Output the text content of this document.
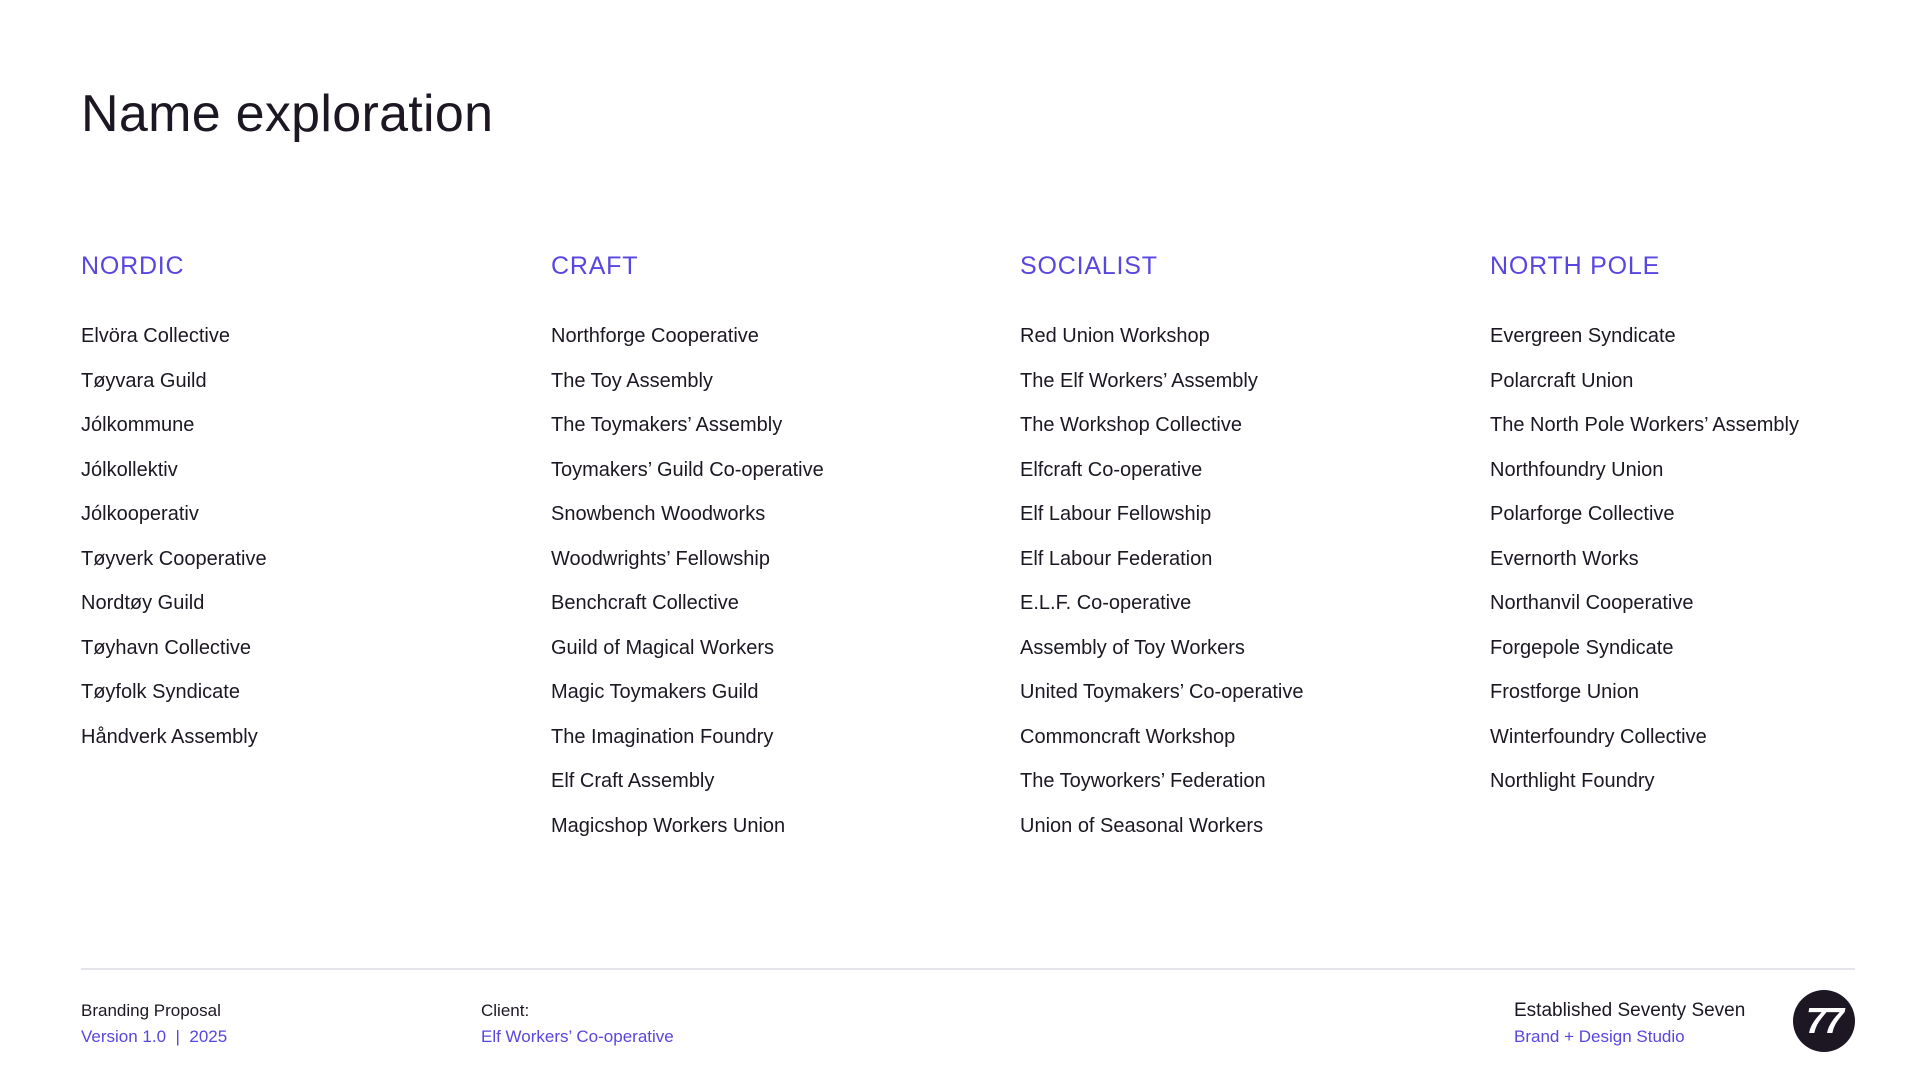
Name exploration
NORDIC
Elvöra Collective
Tøyvara Guild
Jólkommune
Jólkollektiv
Jólkooperativ
Tøyverk Cooperative
Nordtøy Guild
Tøyhavn Collective
Tøyfolk Syndicate
Håndverk Assembly
CRAFT
Northforge Cooperative
The Toy Assembly
The Toymakers’ Assembly
Toymakers’ Guild Co-operative
Snowbench Woodworks
Woodwrights’ Fellowship
Benchcraft Collective
Guild of Magical Workers
Magic Toymakers Guild
The Imagination Foundry
Elf Craft Assembly
Magicshop Workers Union
SOCIALIST
Red Union Workshop
The Elf Workers’ Assembly
The Workshop Collective
Elfcraft Co-operative
Elf Labour Fellowship
Elf Labour Federation
E.L.F. Co-operative
Assembly of Toy Workers
United Toymakers’ Co-operative
Commoncraft Workshop
The Toyworkers’ Federation
Union of Seasonal Workers
NORTH POLE
Evergreen Syndicate
Polarcraft Union
The North Pole Workers’ Assembly
Northfoundry Union
Polarforge Collective
Evernorth Works
Northanvil Cooperative
Forgepole Syndicate
Frostforge Union
Winterfoundry Collective
Northlight Foundry
Branding Proposal
Version 1.0  |  2025
Client:
Elf Workers’ Co-operative
Established Seventy Seven
Brand + Design Studio	77
